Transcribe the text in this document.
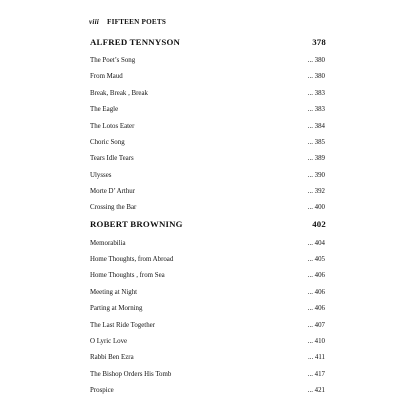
viii FIFTEEN POETS
ALFRED TENNYSON	378
The Poet’s Song	... 380
From Maud	... 380
Break, Break , Break	... 383
The Eagle	... 383
The Lotos Eater	... 384
Choric Song	... 385
Tears Idle Tears	... 389
Ulysses	... 390
Morte D’ Arthur	... 392
Crossing the Bar	... 400
ROBERT BROWNING	402
Memorabilia	... 404
Home Thoughts, from Abroad	... 405
Home Thoughts , from Sea	... 406
Meeting at Night	... 406
Parting at Morning	... 406
The Last Ride Together	... 407
O Lyric Love	... 410
Rabbi Ben Ezra	... 411
The Bishop Orders His Tomb	... 417
Prospice	... 421
